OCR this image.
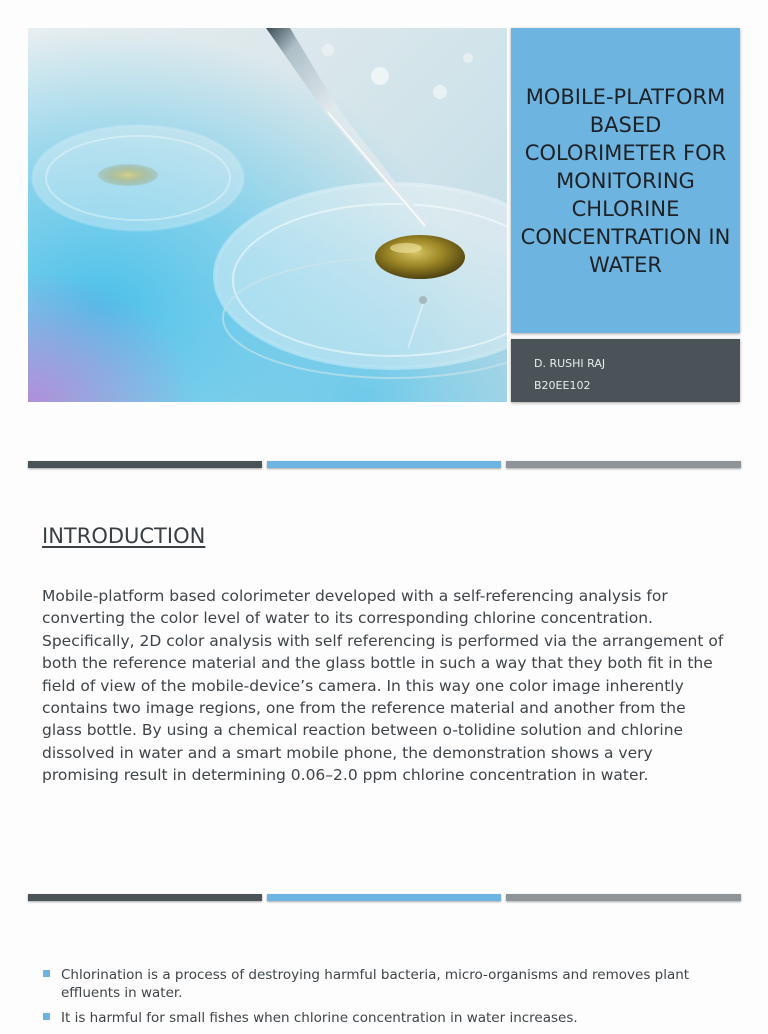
MOBILE-PLATFORM BASED COLORIMETER FOR MONITORING CHLORINE CONCENTRATION IN WATER
D. RUSHI RAJ
B20EE102
INTRODUCTION

Mobile-platform based colorimeter developed with a self-referencing analysis for converting the color level of water to its corresponding chlorine concentration. Specifically, 2D color analysis with self referencing is performed via the arrangement of both the reference material and the glass bottle in such a way that they both fit in the field of view of the mobile-device’s camera. In this way one color image inherently contains two image regions, one from the reference material and another from the glass bottle. By using a chemical reaction between o-tolidine solution and chlorine dissolved in water and a smart mobile phone, the demonstration shows a very promising result in determining 0.06–2.0 ppm chlorine concentration in water.

Chlorination is a process of destroying harmful bacteria, micro-organisms and removes plant effluents in water.
It is harmful for small fishes when chlorine concentration in water increases.
